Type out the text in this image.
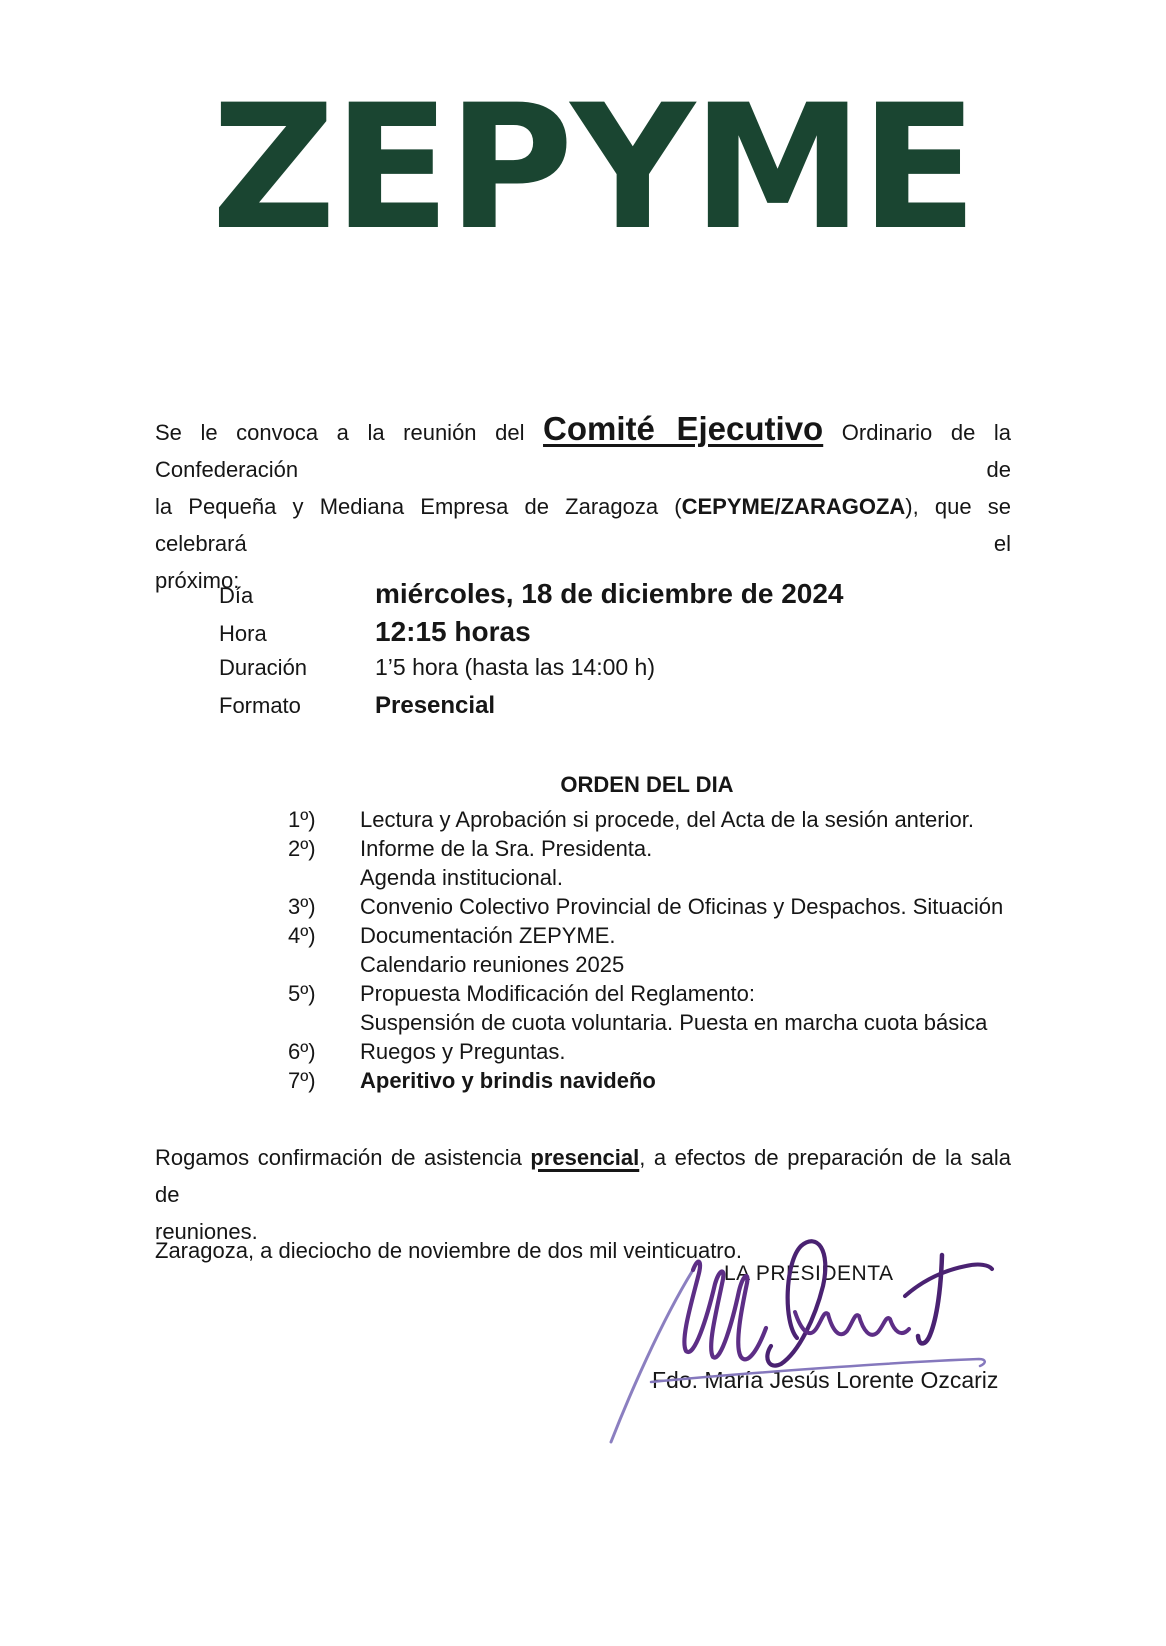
ZEPYME
Se le convoca a la reunión del Comité Ejecutivo Ordinario de la Confederación de
la Pequeña y Mediana Empresa de Zaragoza (CEPYME/ZARAGOZA), que se celebrará el
próximo:
Día	miércoles, 18 de diciembre de 2024
Hora	12:15 horas
Duración	1’5 hora (hasta las 14:00 h)
Formato	Presencial
ORDEN DEL DIA
1º) Lectura y Aprobación si procede, del Acta de la sesión anterior.
2º) Informe de la Sra. Presidenta.
Agenda institucional.
3º) Convenio Colectivo Provincial de Oficinas y Despachos. Situación
4º) Documentación ZEPYME.
Calendario reuniones 2025
5º) Propuesta Modificación del Reglamento:
Suspensión de cuota voluntaria. Puesta en marcha cuota básica
6º) Ruegos y Preguntas.
7º) Aperitivo y brindis navideño
Rogamos confirmación de asistencia presencial, a efectos de preparación de la sala de
reuniones.
Zaragoza, a dieciocho de noviembre de dos mil veinticuatro.
LA PRESIDENTA
Fdo. María Jesús Lorente Ozcariz
